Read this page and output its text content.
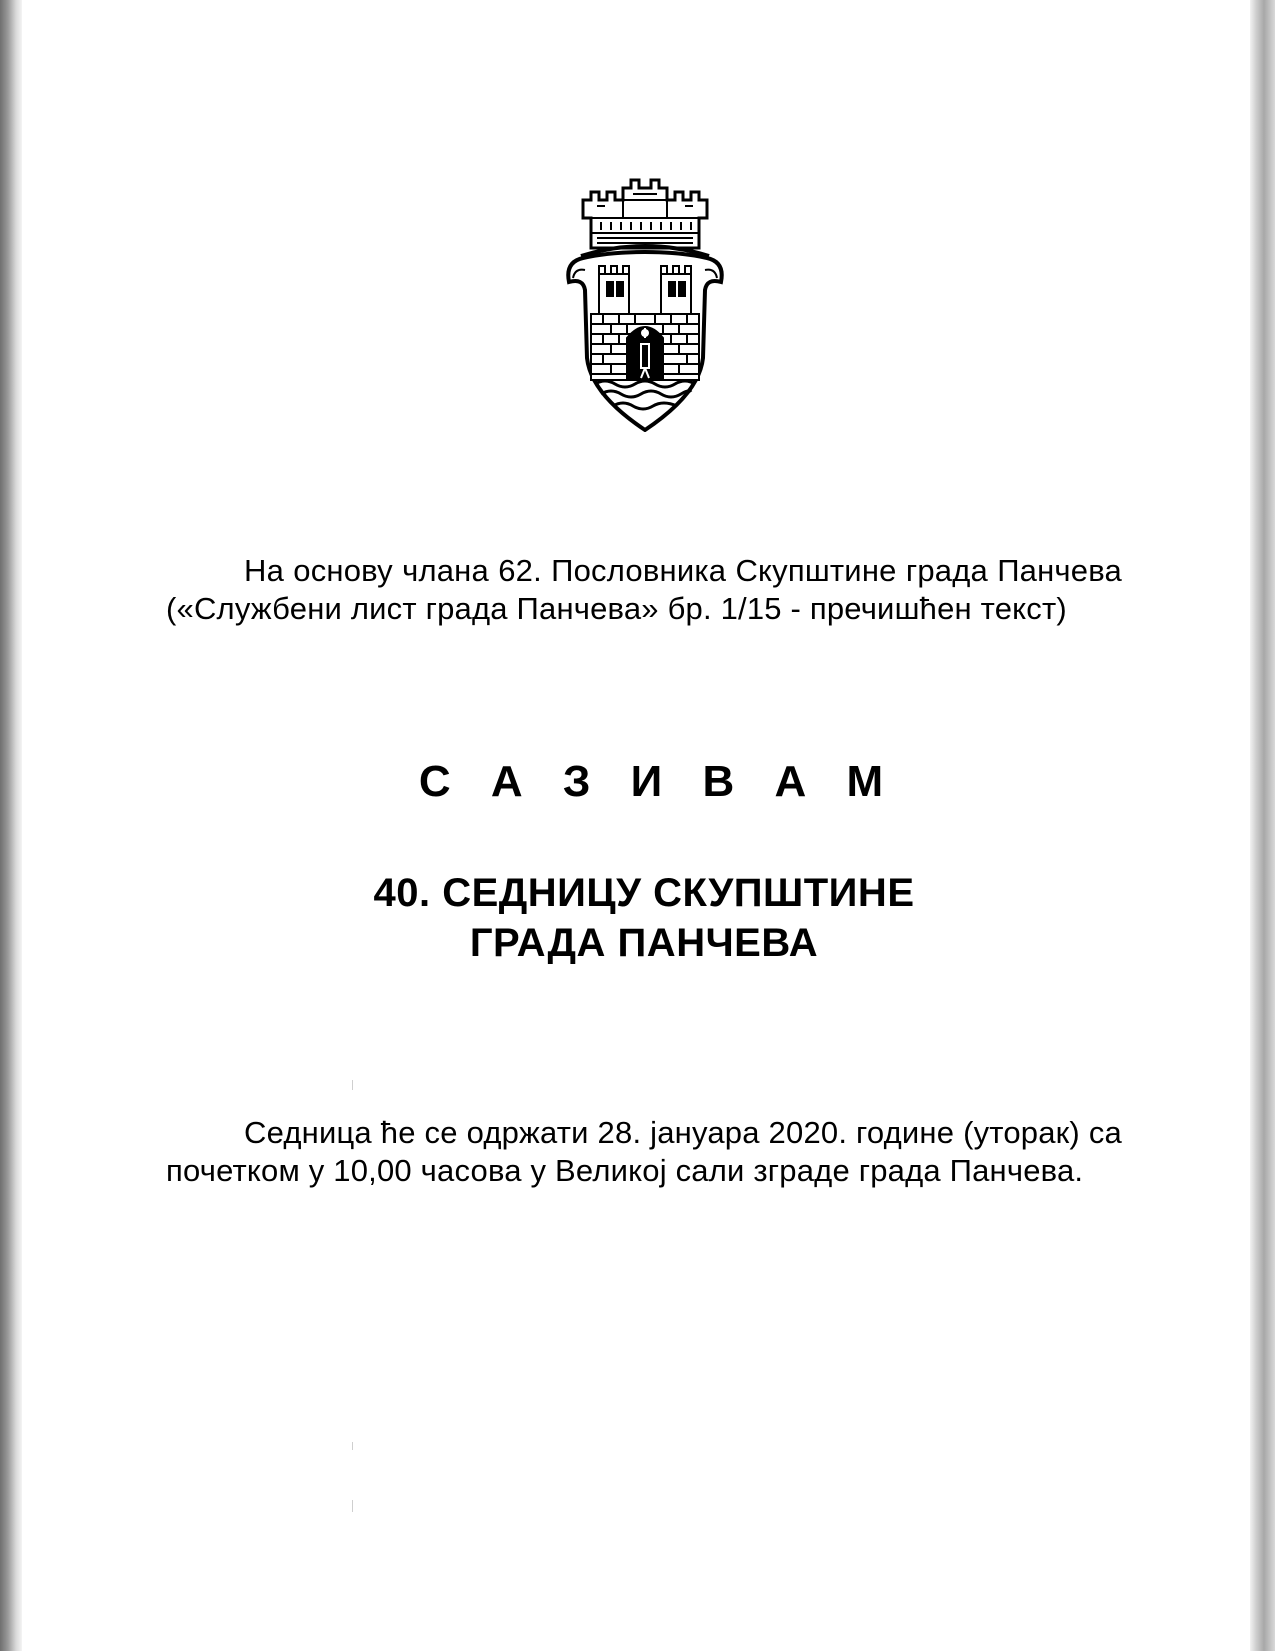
На основу члана 62. Пословника Скупштине града Панчева («Службени лист града Панчева» бр. 1/15 - пречишћен текст)
С А З И В А М
40. СЕДНИЦУ СКУПШТИНЕ
ГРАДА ПАНЧЕВА
Седница ће се одржати 28. јануара 2020. године (уторак) са почетком у 10,00 часова у Великој сали зграде града Панчева.
